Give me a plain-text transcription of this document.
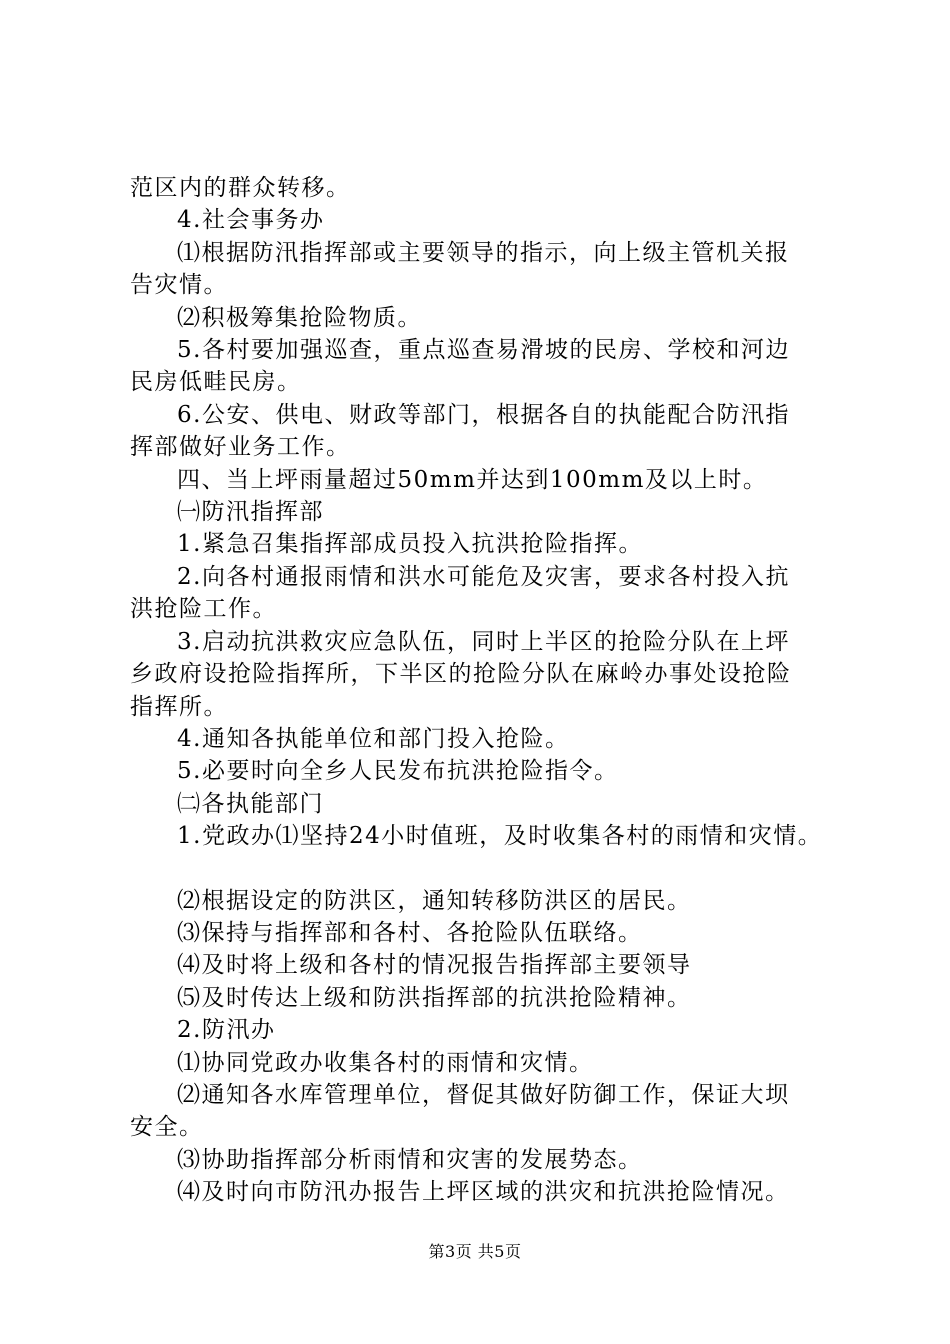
范区内的群众转移。

4.社会事务办

⑴根据防汛指挥部或主要领导的指示，向上级主管机关报

告灾情。

⑵积极筹集抢险物质。

5.各村要加强巡查，重点巡查易滑坡的民房、学校和河边

民房低畦民房。

6.公安、供电、财政等部门，根据各自的执能配合防汛指

挥部做好业务工作。

四、当上坪雨量超过50mm并达到100mm及以上时。

㈠防汛指挥部

1.紧急召集指挥部成员投入抗洪抢险指挥。

2.向各村通报雨情和洪水可能危及灾害，要求各村投入抗

洪抢险工作。

3.启动抗洪救灾应急队伍，同时上半区的抢险分队在上坪

乡政府设抢险指挥所，下半区的抢险分队在麻岭办事处设抢险

指挥所。

4.通知各执能单位和部门投入抢险。

5.必要时向全乡人民发布抗洪抢险指令。

㈡各执能部门

1.党政办⑴坚持24小时值班，及时收集各村的雨情和灾情。

⑵根据设定的防洪区，通知转移防洪区的居民。

⑶保持与指挥部和各村、各抢险队伍联络。

⑷及时将上级和各村的情况报告指挥部主要领导

⑸及时传达上级和防洪指挥部的抗洪抢险精神。

2.防汛办

⑴协同党政办收集各村的雨情和灾情。

⑵通知各水库管理单位，督促其做好防御工作，保证大坝

安全。

⑶协助指挥部分析雨情和灾害的发展势态。

⑷及时向市防汛办报告上坪区域的洪灾和抗洪抢险情况。

第3页 共5页
